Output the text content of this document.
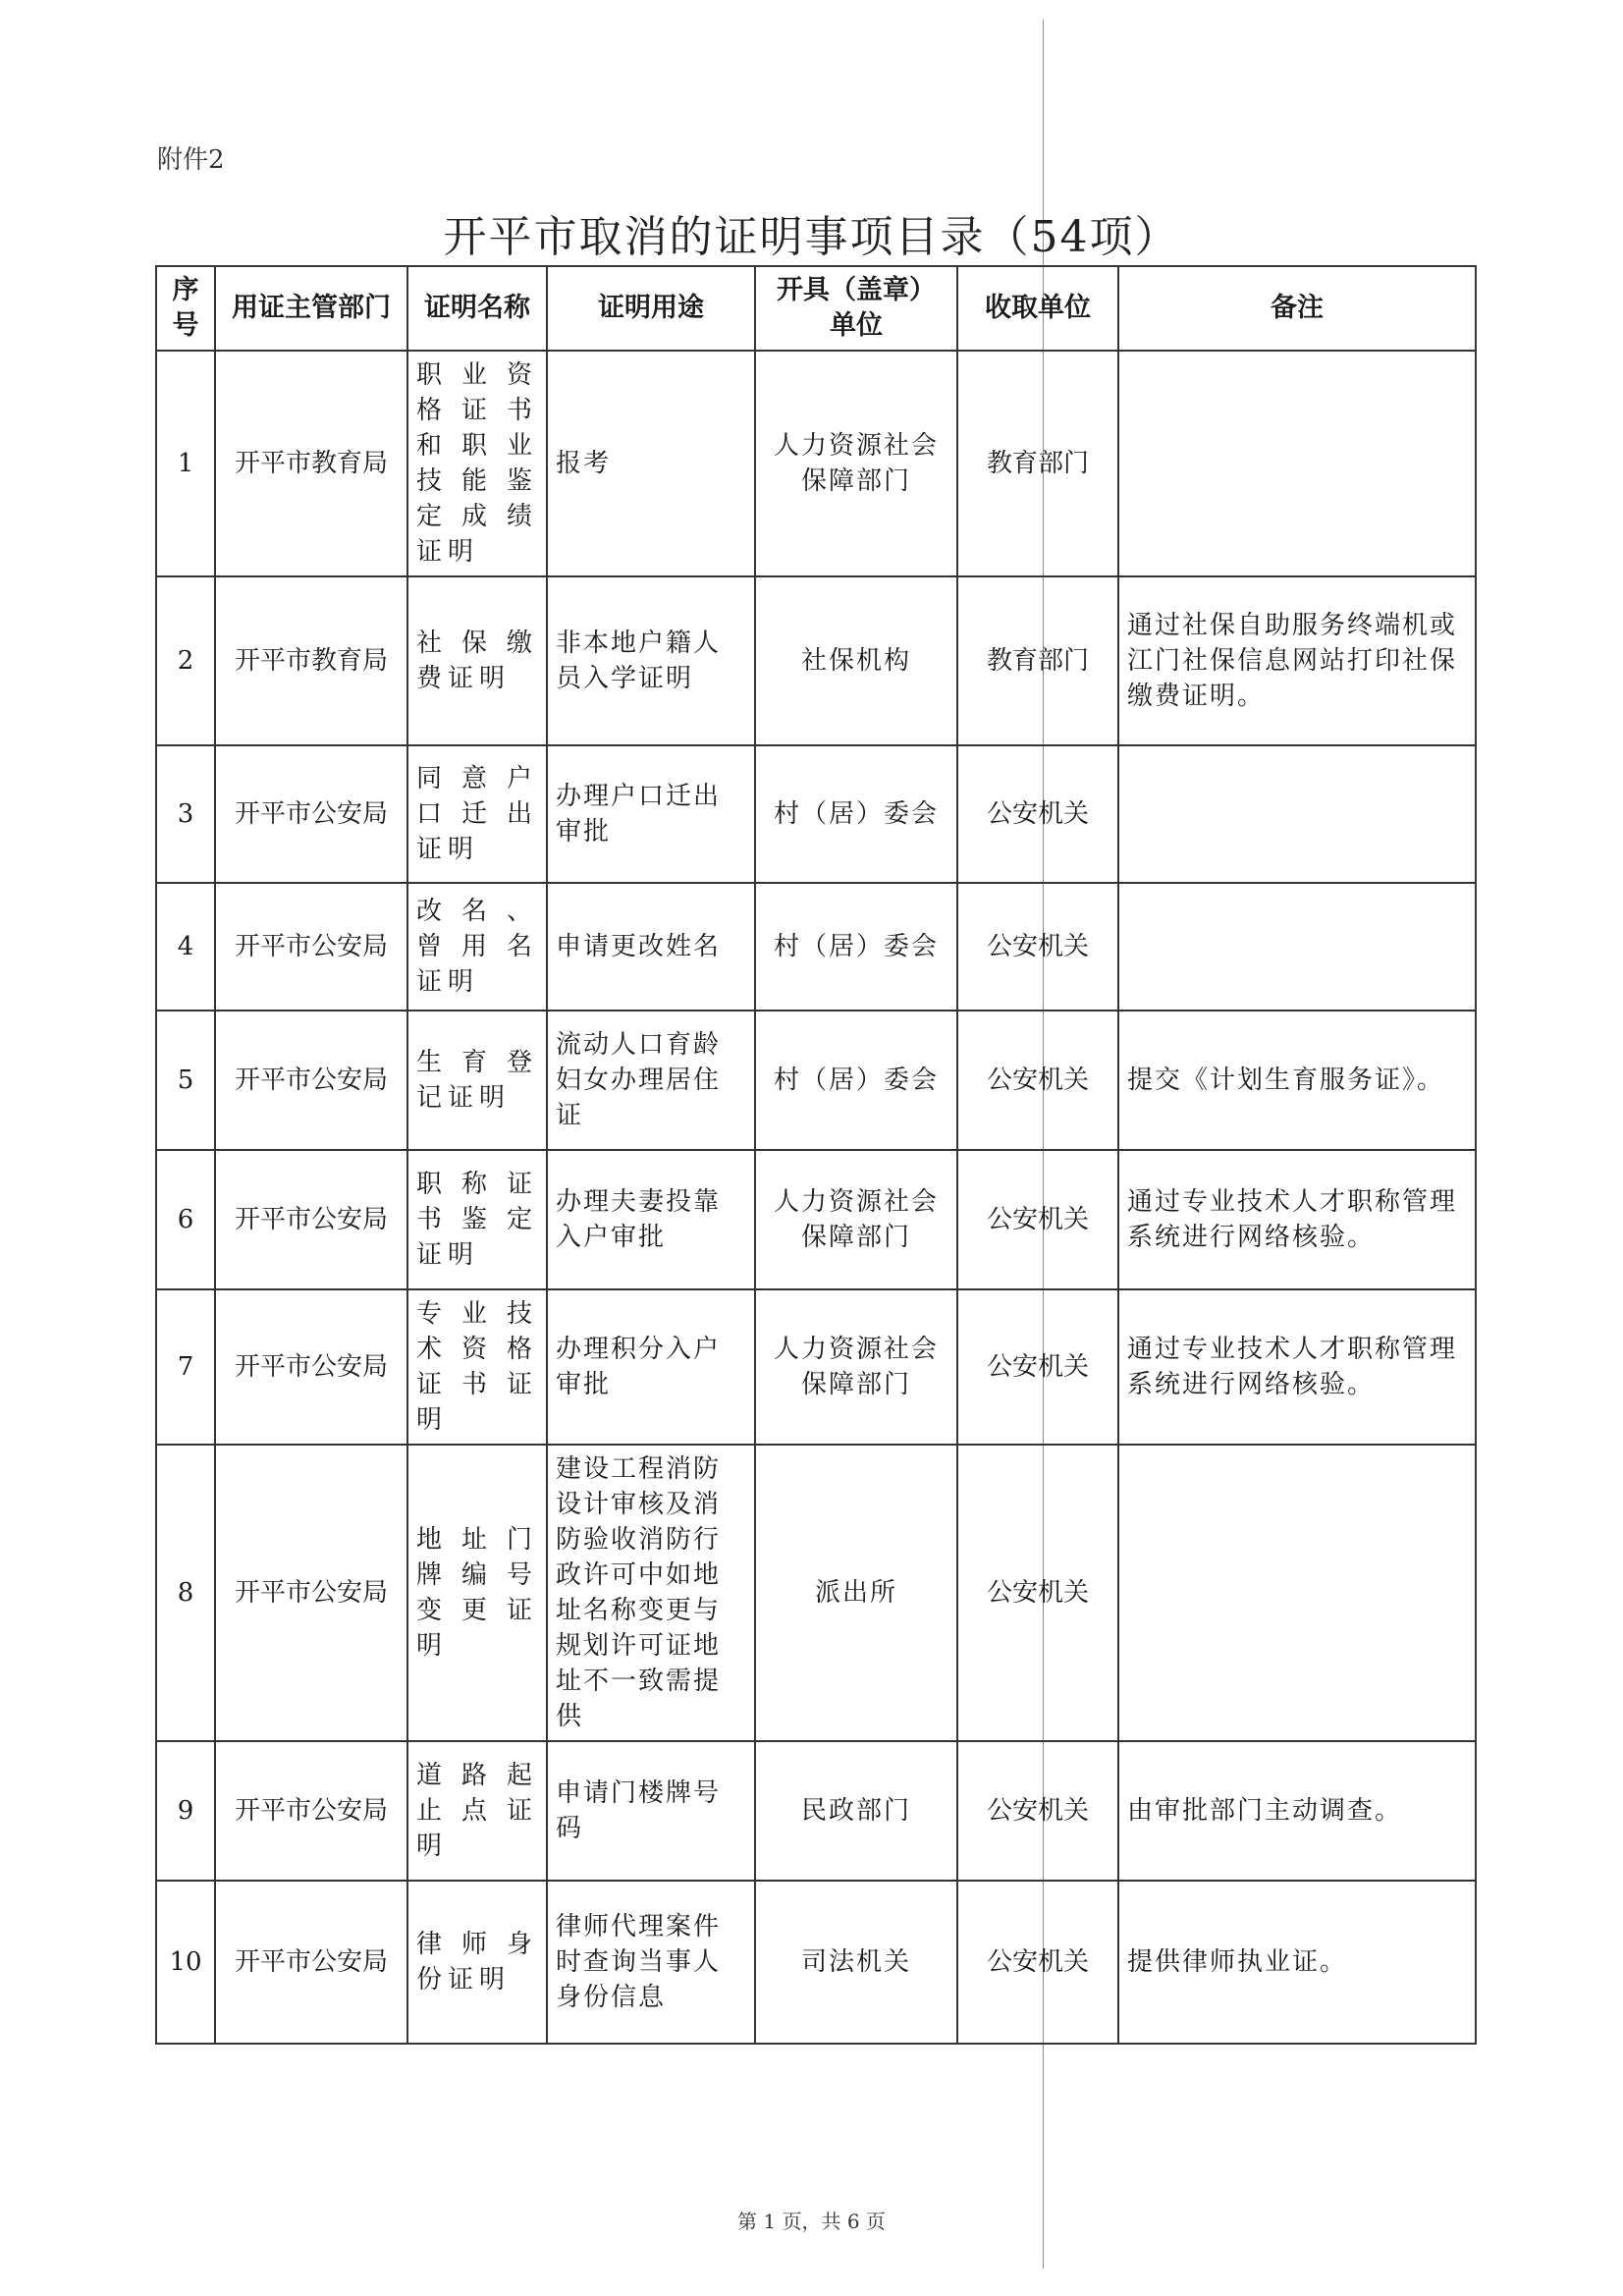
附件2
开平市取消的证明事项目录（54项）
序号	用证主管部门	证明名称	证明用途	开具（盖章）单位	收取单位	备注
1	开平市教育局	职业资格证书和职业技能鉴定成绩证明	报考	人力资源社会保障部门	教育部门	
2	开平市教育局	社保缴费证明	非本地户籍人员入学证明	社保机构	教育部门	通过社保自助服务终端机或江门社保信息网站打印社保缴费证明。
3	开平市公安局	同意户口迁出证明	办理户口迁出审批	村（居）委会	公安机关	
4	开平市公安局	改名、曾用名证明	申请更改姓名	村（居）委会	公安机关	
5	开平市公安局	生育登记证明	流动人口育龄妇女办理居住证	村（居）委会	公安机关	提交《计划生育服务证》。
6	开平市公安局	职称证书鉴定证明	办理夫妻投靠入户审批	人力资源社会保障部门	公安机关	通过专业技术人才职称管理系统进行网络核验。
7	开平市公安局	专业技术资格证书证明	办理积分入户审批	人力资源社会保障部门	公安机关	通过专业技术人才职称管理系统进行网络核验。
8	开平市公安局	地址门牌编号变更证明	建设工程消防设计审核及消防验收消防行政许可中如地址名称变更与规划许可证地址不一致需提供	派出所	公安机关	
9	开平市公安局	道路起止点证明	申请门楼牌号码	民政部门	公安机关	由审批部门主动调查。
10	开平市公安局	律师身份证明	律师代理案件时查询当事人身份信息	司法机关	公安机关	提供律师执业证。
第 1 页，共 6 页
